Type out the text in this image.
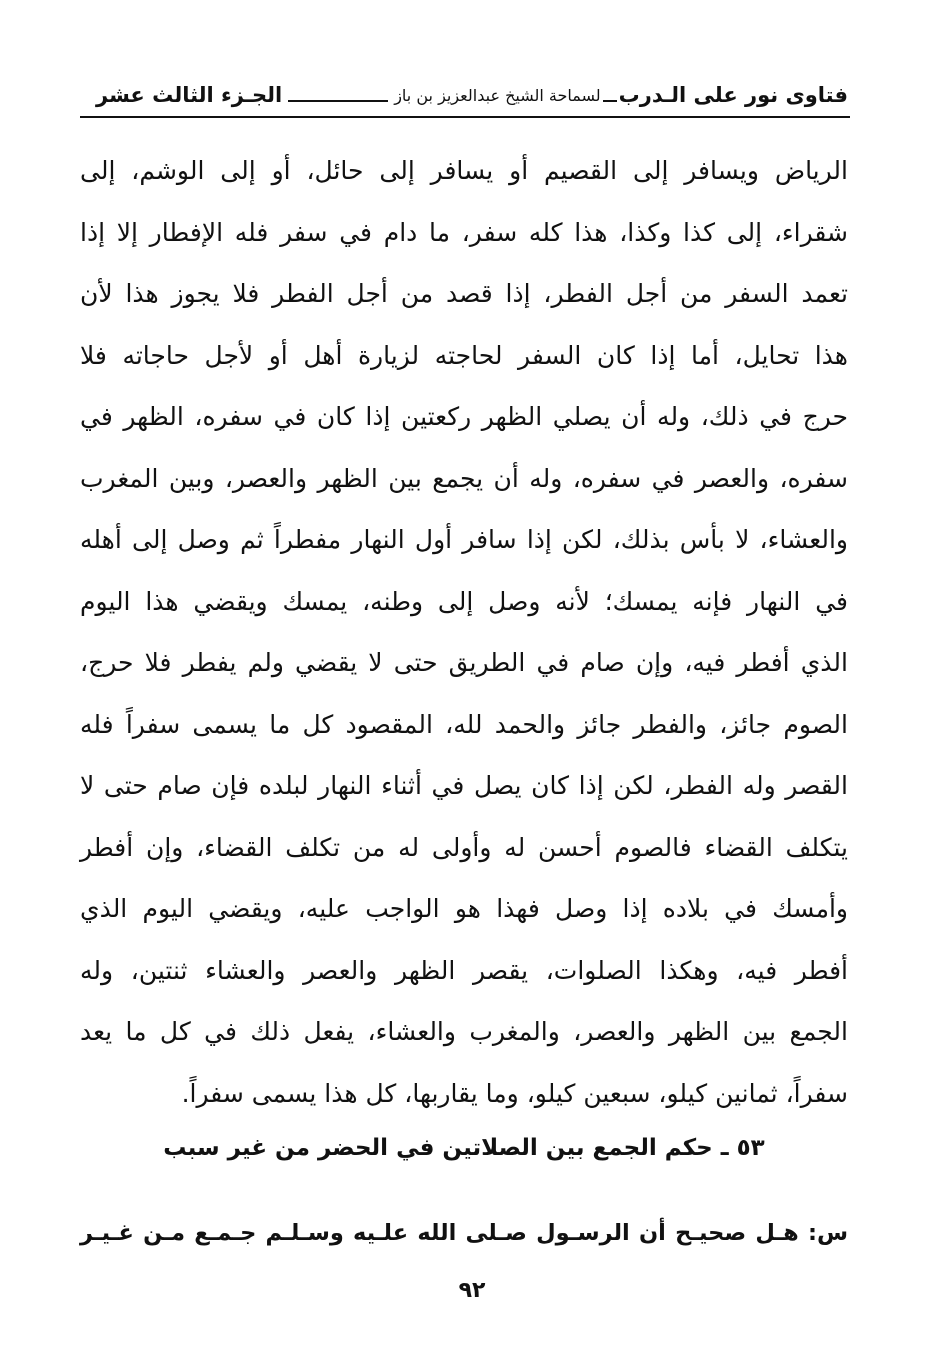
فتاوى نور على الـدرب
لسماحة الشيخ عبدالعزيز بن باز
الجـزء الثالث عشر
الرياض ويسافر إلى القصيم أو يسافر إلى حائل، أو إلى الوشم، إلى
شقراء، إلى كذا وكذا، هذا كله سفر، ما دام في سفر فله الإفطار إلا إذا
تعمد السفر من أجل الفطر، إذا قصد من أجل الفطر فلا يجوز هذا لأن
هذا تحايل، أما إذا كان السفر لحاجته لزيارة أهل أو لأجل حاجاته فلا
حرج في ذلك، وله أن يصلي الظهر ركعتين إذا كان في سفره، الظهر في
سفره، والعصر في سفره، وله أن يجمع بين الظهر والعصر، وبين المغرب
والعشاء، لا بأس بذلك، لكن إذا سافر أول النهار مفطراً ثم وصل إلى أهله
في النهار فإنه يمسك؛ لأنه وصل إلى وطنه، يمسك ويقضي هذا اليوم
الذي أفطر فيه، وإن صام في الطريق حتى لا يقضي ولم يفطر فلا حرج،
الصوم جائز، والفطر جائز والحمد لله، المقصود كل ما يسمى سفراً فله
القصر وله الفطر، لكن إذا كان يصل في أثناء النهار لبلده فإن صام حتى لا
يتكلف القضاء فالصوم أحسن له وأولى له من تكلف القضاء، وإن أفطر
وأمسك في بلاده إذا وصل فهذا هو الواجب عليه، ويقضي اليوم الذي
أفطر فيه، وهكذا الصلوات، يقصر الظهر والعصر والعشاء ثنتين، وله
الجمع بين الظهر والعصر، والمغرب والعشاء، يفعل ذلك في كل ما يعد
سفراً، ثمانين كيلو، سبعين كيلو، وما يقاربها، كل هذا يسمى سفراً.
٥٣ ـ حكم الجمع بين الصلاتين في الحضر من غير سبب
س: هـل صحيـح أن الرسـول صـلى الله علـيه وسـلـم جـمـع مـن غـيـر
٩٢
